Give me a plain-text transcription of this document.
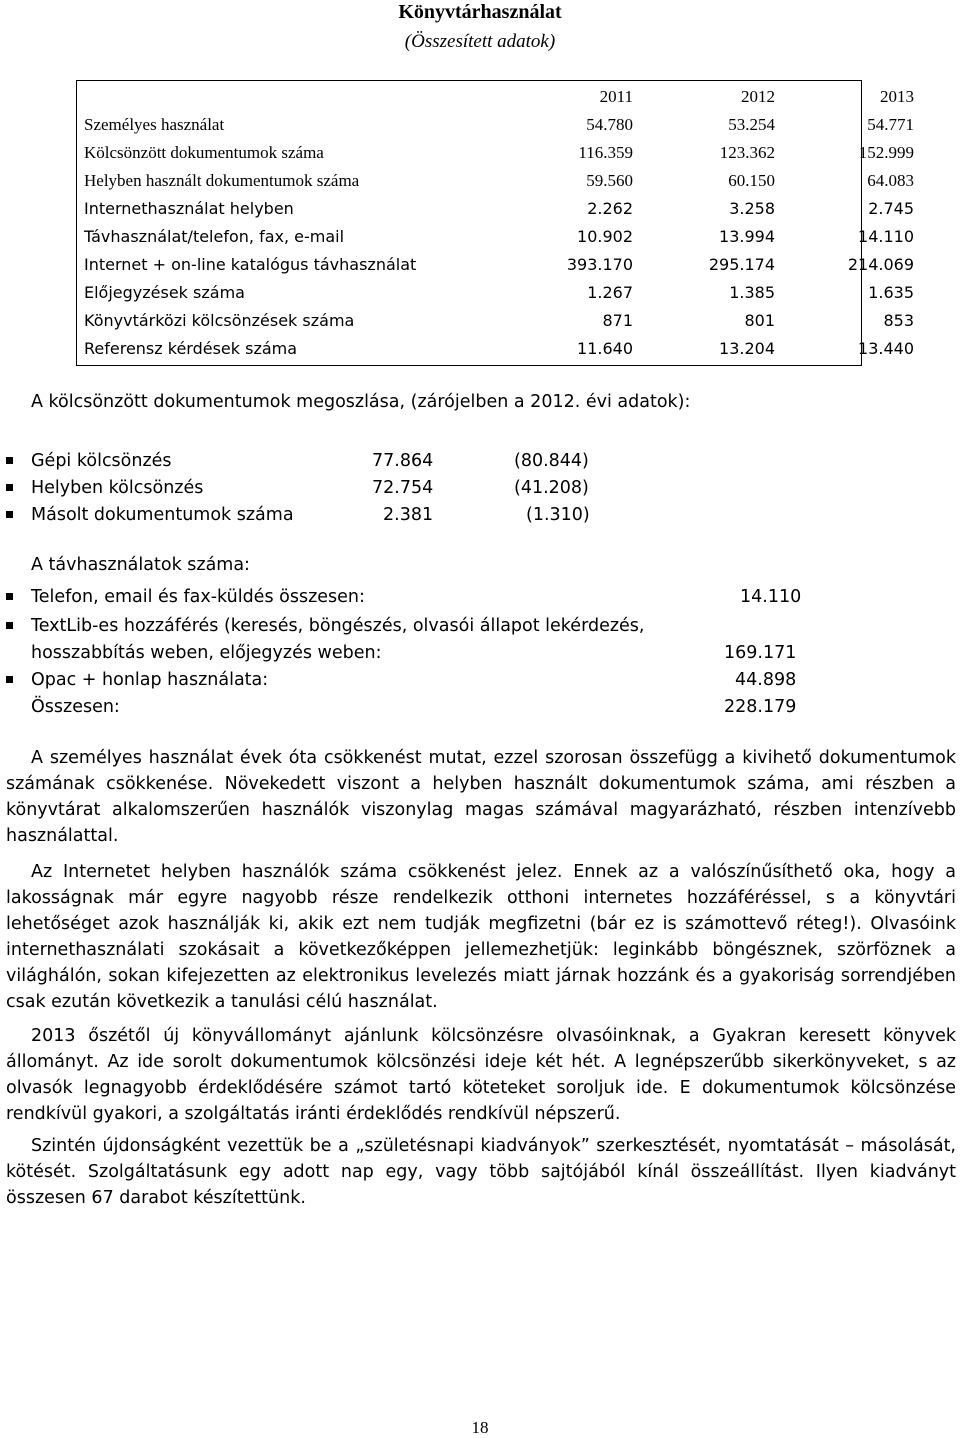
Könyvtárhasználat
(Összesített adatok)
2011	2012	2013
Személyes használat	54.780	53.254	54.771
Kölcsönzött dokumentumok száma	116.359	123.362	152.999
Helyben használt dokumentumok száma	59.560	60.150	64.083
Internethasználat helyben	2.262	3.258	2.745
Távhasználat/telefon, fax, e-mail	10.902	13.994	14.110
Internet + on-line katalógus távhasználat	393.170	295.174	214.069
Előjegyzések száma	1.267	1.385	1.635
Könyvtárközi kölcsönzések száma	871	801	853
Referensz kérdések száma	11.640	13.204	13.440
A kölcsönzött dokumentumok megoszlása, (zárójelben a 2012. évi adatok):
Gépi kölcsönzés	77.864	(80.844)
Helyben kölcsönzés	72.754	(41.208)
Másolt dokumentumok száma	2.381	(1.310)
A távhasználatok száma:
Telefon, email és fax-küldés összesen:	14.110
TextLib-es hozzáférés (keresés, böngészés, olvasói állapot lekérdezés,
hosszabbítás weben, előjegyzés weben:	169.171
Opac + honlap használata:	44.898
Összesen:	228.179

A személyes használat évek óta csökkenést mutat, ezzel szorosan összefügg a kivihető dokumentumok számának csökkenése. Növekedett viszont a helyben használt dokumentumok száma, ami részben a könyvtárat alkalomszerűen használók viszonylag magas számával magyarázható, részben intenzívebb használattal.

Az Internetet helyben használók száma csökkenést jelez. Ennek az a valószínűsíthető oka, hogy a lakosságnak már egyre nagyobb része rendelkezik otthoni internetes hozzáféréssel, s a könyvtári lehetőséget azok használják ki, akik ezt nem tudják megfizetni (bár ez is számottevő réteg!). Olvasóink internethasználati szokásait a következőképpen jellemezhetjük: leginkább böngésznek, szörföznek a világhálón, sokan kifejezetten az elektronikus levelezés miatt járnak hozzánk és a gyakoriság sorrendjében csak ezután következik a tanulási célú használat.

2013 őszétől új könyvállományt ajánlunk kölcsönzésre olvasóinknak, a Gyakran keresett könyvek állományt. Az ide sorolt dokumentumok kölcsönzési ideje két hét. A legnépszerűbb sikerkönyveket, s az olvasók legnagyobb érdeklődésére számot tartó köteteket soroljuk ide. E dokumentumok kölcsönzése rendkívül gyakori, a szolgáltatás iránti érdeklődés rendkívül népszerű.

Szintén újdonságként vezettük be a „születésnapi kiadványok” szerkesztését, nyomtatását – másolását, kötését. Szolgáltatásunk egy adott nap egy, vagy több sajtójából kínál összeállítást. Ilyen kiadványt összesen 67 darabot készítettünk.

18
